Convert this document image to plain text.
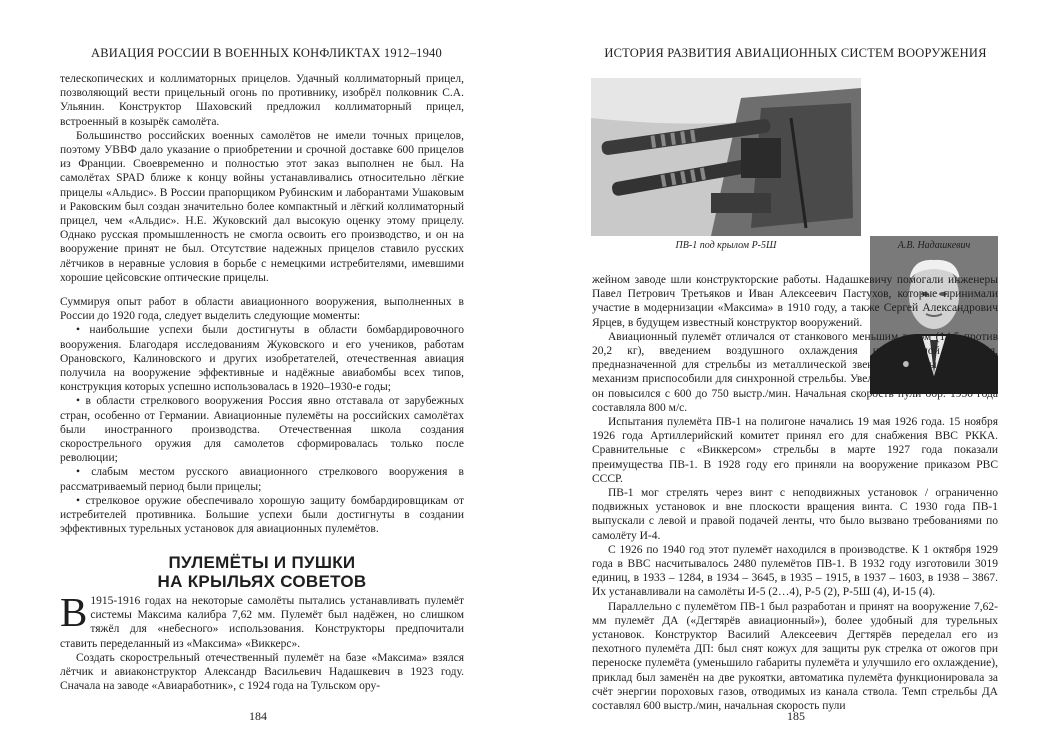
АВИАЦИЯ РОССИИ В ВОЕННЫХ КОНФЛИКТАХ 1912–1940

телескопических и коллиматорных прицелов. Удачный коллиматорный прицел, позволяющий вести прицельный огонь по противнику, изобрёл полковник С.А. Ульянин. Конструктор Шаховский предложил коллиматорный прицел, встроенный в козырёк самолёта.

Большинство российских военных самолётов не имели точных прицелов, поэтому УВВФ дало указание о приобретении и срочной доставке 600 прицелов из Франции. Своевременно и полностью этот заказ выполнен не был. На самолётах SPAD ближе к концу войны устанавливались относительно лёгкие прицелы «Альдис». В России прапорщиком Рубинским и лаборантами Ушаковым и Раковским был создан значительно более компактный и лёгкий коллиматорный прицел, чем «Альдис». Н.Е. Жуковский дал высокую оценку этому прицелу. Однако русская промышленность не смогла освоить его производство, и он на вооружение принят не был. Отсутствие надежных прицелов ставило русских лётчиков в неравные условия в борьбе с немецкими истребителями, имевшими хорошие цейсовские оптические прицелы.

Суммируя опыт работ в области авиационного вооружения, выполненных в России до 1920 года, следует выделить следующие моменты:

• наибольшие успехи были достигнуты в области бомбардировочного вооружения. Благодаря исследованиям Жуковского и его учеников, работам Орановского, Калиновского и других изобретателей, отечественная авиация получила на вооружение эффективные и надёжные авиабомбы всех типов, конструкция которых успешно использовалась в 1920–1930-е годы;

• в области стрелкового вооружения Россия явно отставала от зарубежных стран, особенно от Германии. Авиационные пулемёты на российских самолётах были иностранного производства. Отечественная школа создания скорострельного оружия для самолетов сформировалась только после революции;

• слабым местом русского авиационного стрелкового вооружения в рассматриваемый период были прицелы;

• стрелковое оружие обеспечивало хорошую защиту бомбардировщикам от истребителей противника. Большие успехи были достигнуты в создании эффективных турельных установок для авиационных пулемётов.

ПУЛЕМЁТЫ И ПУШКИ
НА КРЫЛЬЯХ СОВЕТОВ

В 1915-1916 годах на некоторые самолёты пытались устанавливать пулемёт системы Максима калибра 7,62 мм. Пулемёт был надёжен, но слишком тяжёл для «небесного» использования. Конструкторы предпочитали ставить переделанный из «Максима» «Виккерс».

Создать скорострельный отечественный пулемёт на базе «Максима» взялся лётчик и авиаконструктор Александр Васильевич Надашкевич в 1923 году. Сначала на заводе «Авиаработник», с 1924 года на Тульском ору-

184
ИСТОРИЯ РАЗВИТИЯ АВИАЦИОННЫХ СИСТЕМ ВООРУЖЕНИЯ
ПВ-1 под крылом Р-5Ш	А.В. Надашкевич

жейном заводе шли конструкторские работы. Надашкевичу помогали инженеры Павел Петрович Третьяков и Иван Алексеевич Пастухов, которые принимали участие в модернизации «Максима» в 1910 году, а также Сергей Александрович Ярцев, в будущем известный конструктор вооружений.

Авиационный пулемёт отличался от станкового меньшим весом (14,5 против 20,2 кг), введением воздушного охлаждения и системой питания, предназначенной для стрельбы из металлической звеньевой ленты. Спусковой механизм приспособили для синхронной стрельбы. Увеличен был темп стрельбы: он повысился с 600 до 750 выстр./мин. Начальная скорость пули обр. 1930 года составляла 800 м/с.

Испытания пулемёта ПВ-1 на полигоне начались 19 мая 1926 года. 15 ноября 1926 года Артиллерийский комитет принял его для снабжения ВВС РККА. Сравнительные с «Виккерсом» стрельбы в марте 1927 года показали преимущества ПВ-1. В 1928 году его приняли на вооружение приказом РВС СССР.

ПВ-1 мог стрелять через винт с неподвижных установок / ограниченно подвижных установок и вне плоскости вращения винта. С 1930 года ПВ-1 выпускали с левой и правой подачей ленты, что было вызвано требованиями по самолёту И-4.

С 1926 по 1940 год этот пулемёт находился в производстве. К 1 октября 1929 года в ВВС насчитывалось 2480 пулемётов ПВ-1. В 1932 году изготовили 3019 единиц, в 1933 – 1284, в 1934 – 3645, в 1935 – 1915, в 1937 – 1603, в 1938 – 3867. Их устанавливали на самолёты И-5 (2…4), Р-5 (2), Р-5Ш (4), И-15 (4).

Параллельно с пулемётом ПВ-1 был разработан и принят на вооружение 7,62-мм пулемёт ДА («Дегтярёв авиационный»), более удобный для турельных установок. Конструктор Василий Алексеевич Дегтярёв переделал его из пехотного пулемёта ДП: был снят кожух для защиты рук стрелка от ожогов при переноске пулемёта (уменьшило габариты пулемёта и улучшило его охлаждение), приклад был заменён на две рукоятки, автоматика пулемёта функционировала за счёт энергии пороховых газов, отводимых из канала ствола. Темп стрельбы ДА составлял 600 выстр./мин, начальная скорость пули

185
